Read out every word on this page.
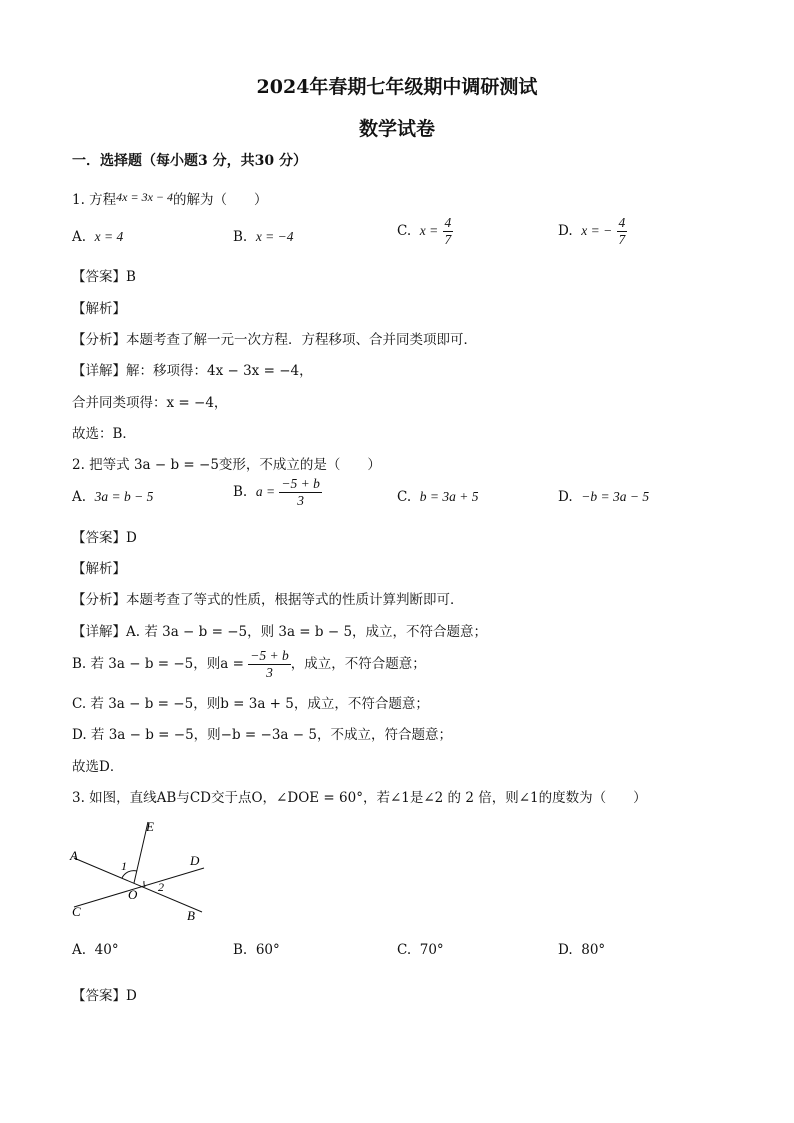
2024年春期七年级期中调研测试
数学试卷
一．选择题（每小题3 分，共30 分）
1. 方程4x = 3x − 4的解为（　　）
A. x = 4	B. x = −4	C. $x = \frac{4}{7}$	D. x = − $\frac{4}{7}$
【答案】B
【解析】
【分析】本题考查了解一元一次方程．方程移项、合并同类项即可．
【详解】解：移项得：4x − 3x = −4，
合并同类项得：x = −4，
故选：B．
2. 把等式 3a − b = −5变形，不成立的是（　　）
A. 3a = b − 5	B. $a = \frac{-5 + b}{3}$	C. b = 3a + 5	D. −b = 3a − 5
【答案】D
【解析】
【分析】本题考查了等式的性质，根据等式的性质计算判断即可．
【详解】A. 若 3a − b = −5，则 3a = b − 5，成立，不符合题意；
B. 若 3a − b = −5，则$a = \frac{-5 + b}{3}$ ，成立，不符合题意；
C. 若 3a − b = −5，则b = 3a + 5，成立，不符合题意；
D. 若 3a − b = −5，则−b = −3a − 5，不成立，符合题意；
故选D．
3. 如图，直线AB与CD交于点O，∠DOE = 60°，若∠1是∠2 的 2 倍，则∠1的度数为（　　）
E
A	D
C	B
O
1
2
A. 40°	B. 60°	C. 70°	D. 80°
【答案】D
